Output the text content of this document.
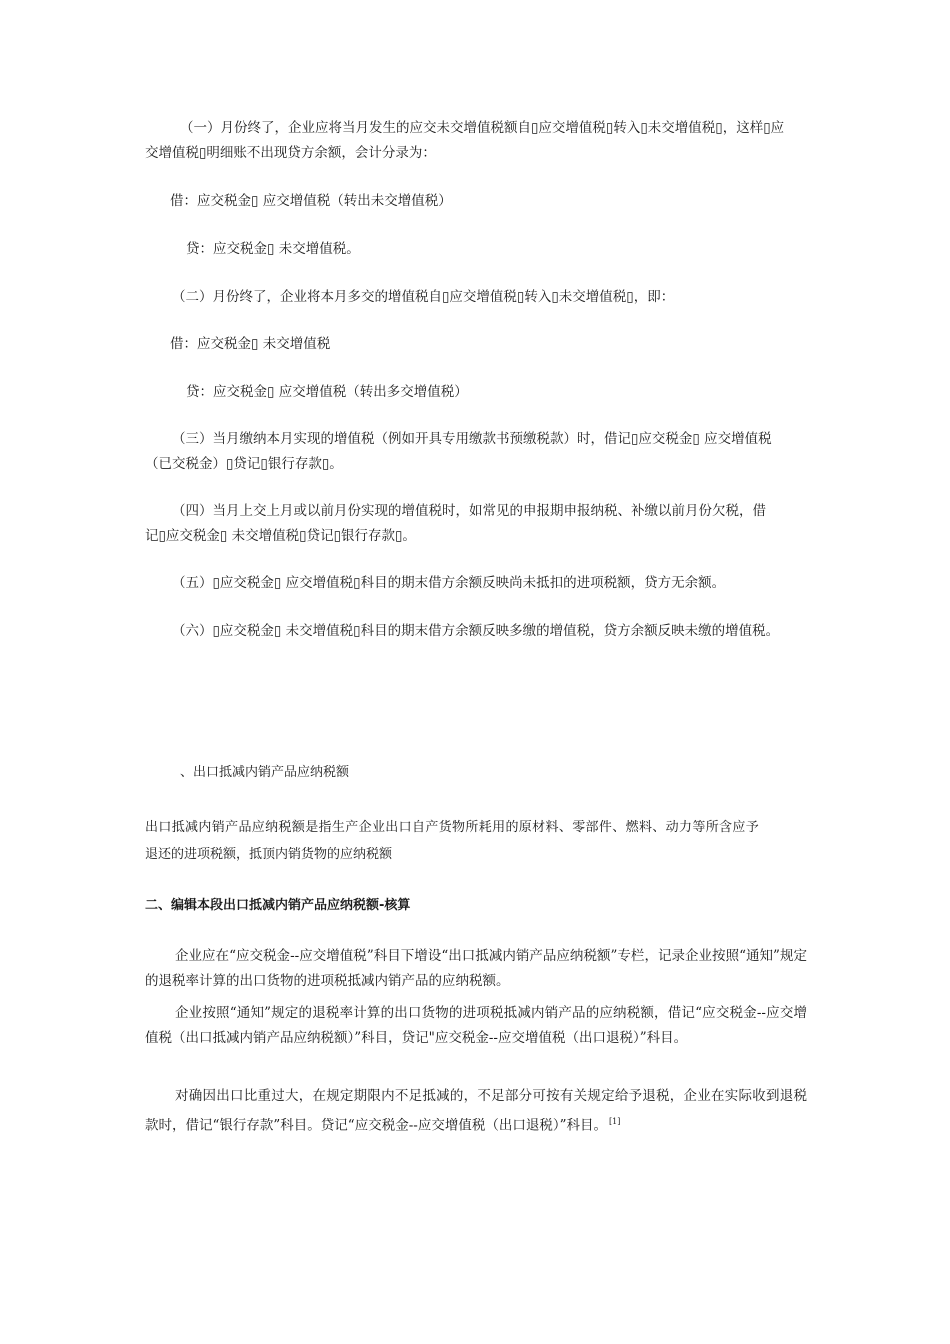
（一）月份终了，企业应将当月发生的应交未交增值税额自▯应交增值税▯转入▯未交增值税▯，这样▯应
交增值税▯明细账不出现贷方余额，会计分录为：
借：应交税金▯ 应交增值税（转出未交增值税）
贷：应交税金▯ 未交增值税。
（二）月份终了，企业将本月多交的增值税自▯应交增值税▯转入▯未交增值税▯，即：
借：应交税金▯ 未交增值税
贷：应交税金▯ 应交增值税（转出多交增值税）
（三）当月缴纳本月实现的增值税（例如开具专用缴款书预缴税款）时，借记▯应交税金▯ 应交增值税
（已交税金）▯贷记▯银行存款▯。
（四）当月上交上月或以前月份实现的增值税时，如常见的申报期申报纳税、补缴以前月份欠税，借
记▯应交税金▯ 未交增值税▯贷记▯银行存款▯。
（五）▯应交税金▯ 应交增值税▯科目的期末借方余额反映尚未抵扣的进项税额，贷方无余额。
（六）▯应交税金▯ 未交增值税▯科目的期末借方余额反映多缴的增值税，贷方余额反映未缴的增值税。
、出口抵减内销产品应纳税额
出口抵减内销产品应纳税额是指生产企业出口自产货物所耗用的原材料、零部件、燃料、动力等所含应予
退还的进项税额，抵顶内销货物的应纳税额
二、编辑本段出口抵减内销产品应纳税额-核算
企业应在“应交税金--应交增值税”科目下增设“出口抵减内销产品应纳税额”专栏，记录企业按照“通知”规定的退税率计算的出口货物的进项税抵减内销产品的应纳税额。
企业按照“通知”规定的退税率计算的出口货物的进项税抵减内销产品的应纳税额，借记“应交税金--应交增值税（出口抵减内销产品应纳税额）”科目，贷记"应交税金--应交增值税（出口退税）”科目。
对确因出口比重过大，在规定期限内不足抵减的，不足部分可按有关规定给予退税，企业在实际收到退税款时，借记“银行存款”科目。贷记“应交税金--应交增值税（出口退税）”科目。 [1]
